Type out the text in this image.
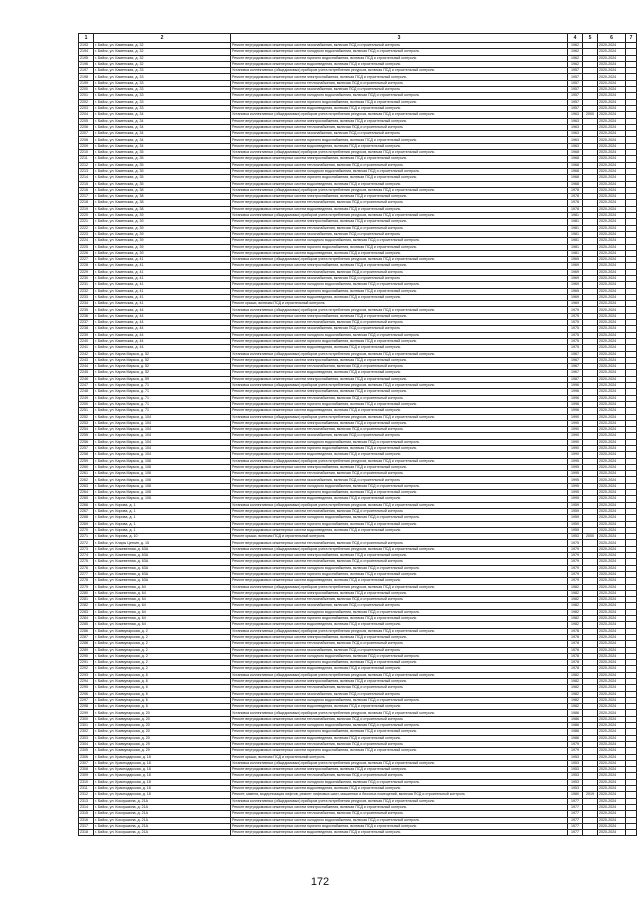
1	2	3	4	5	6	7
2193	г. Бийск, ул. Каменская, д. 32	Ремонт внутридомовых инженерных систем газоснабжения, включая ПСД и строительный контроль	1962		2020-2024	
2194	г. Бийск, ул. Каменская, д. 32	Ремонт внутридомовых инженерных систем холодного водоснабжения, включая ПСД и строительный контроль	1962		2020-2024	
2195	г. Бийск, ул. Каменская, д. 32	Ремонт внутридомовых инженерных систем горячего водоснабжения, включая ПСД и строительный контроль	1962		2020-2024	
2196	г. Бийск, ул. Каменская, д. 32	Ремонт внутридомовых инженерных систем водоотведения, включая ПСД и строительный контроль	1962		2020-2024	
2197	г. Бийск, ул. Каменская, д. 33	Установка коллективных (общедомовых) приборов учета потребления ресурсов, включая ПСД и строительный контроль	1957		2020-2024	
2198	г. Бийск, ул. Каменская, д. 33	Ремонт внутридомовых инженерных систем электроснабжения, включая ПСД и строительный контроль	1957		2020-2024	
2199	г. Бийск, ул. Каменская, д. 33	Ремонт внутридомовых инженерных систем теплоснабжения, включая ПСД и строительный контроль	1957		2020-2024	
2200	г. Бийск, ул. Каменская, д. 33	Ремонт внутридомовых инженерных систем газоснабжения, включая ПСД и строительный контроль	1957		2020-2024	
2201	г. Бийск, ул. Каменская, д. 33	Ремонт внутридомовых инженерных систем холодного водоснабжения, включая ПСД и строительный контроль	1957		2020-2024	
2202	г. Бийск, ул. Каменская, д. 33	Ремонт внутридомовых инженерных систем горячего водоснабжения, включая ПСД и строительный контроль	1957		2020-2024	
2203	г. Бийск, ул. Каменская, д. 33	Ремонт внутридомовых инженерных систем водоотведения, включая ПСД и строительный контроль	1957		2020-2024	
2204	г. Бийск, ул. Каменская, д. 34	Установка коллективных (общедомовых) приборов учета потребления ресурсов, включая ПСД и строительный контроль	1963	2000	2020-2024	
2205	г. Бийск, ул. Каменская, д. 34	Ремонт внутридомовых инженерных систем электроснабжения, включая ПСД и строительный контроль	1963		2020-2024	
2206	г. Бийск, ул. Каменская, д. 34	Ремонт внутридомовых инженерных систем теплоснабжения, включая ПСД и строительный контроль	1963		2020-2024	
2207	г. Бийск, ул. Каменская, д. 34	Ремонт внутридомовых инженерных систем газоснабжения, включая ПСД и строительный контроль	1963		2020-2024	
2208	г. Бийск, ул. Каменская, д. 34	Ремонт внутридомовых инженерных систем горячего водоснабжения, включая ПСД и строительный контроль	1963		2020-2024	
2209	г. Бийск, ул. Каменская, д. 34	Ремонт внутридомовых инженерных систем водоотведения, включая ПСД и строительный контроль	1963		2020-2024	
2210	г. Бийск, ул. Каменская, д. 35	Установка коллективных (общедомовых) приборов учета потребления ресурсов, включая ПСД и строительный контроль	1968		2020-2024	
2211	г. Бийск, ул. Каменская, д. 35	Ремонт внутридомовых инженерных систем электроснабжения, включая ПСД и строительный контроль	1968		2020-2024	
2212	г. Бийск, ул. Каменская, д. 35	Ремонт внутридомовых инженерных систем теплоснабжения, включая ПСД и строительный контроль	1968		2020-2024	
2213	г. Бийск, ул. Каменская, д. 35	Ремонт внутридомовых инженерных систем холодного водоснабжения, включая ПСД и строительный контроль	1968		2020-2024	
2214	г. Бийск, ул. Каменская, д. 35	Ремонт внутридомовых инженерных систем горячего водоснабжения, включая ПСД и строительный контроль	1968		2020-2024	
2215	г. Бийск, ул. Каменская, д. 35	Ремонт внутридомовых инженерных систем водоотведения, включая ПСД и строительный контроль	1968		2020-2024	
2216	г. Бийск, ул. Каменская, д. 38	Установка коллективных (общедомовых) приборов учета потребления ресурсов, включая ПСД и строительный контроль	1978		2020-2024	
2217	г. Бийск, ул. Каменская, д. 38	Ремонт внутридомовых инженерных систем электроснабжения, включая ПСД и строительный контроль	1978		2020-2024	
2218	г. Бийск, ул. Каменская, д. 38	Ремонт внутридомовых инженерных систем теплоснабжения, включая ПСД и строительный контроль	1978		2020-2024	
2219	г. Бийск, ул. Каменская, д. 38	Ремонт внутридомовых инженерных систем водоотведения, включая ПСД и строительный контроль	1978		2020-2024	
2220	г. Бийск, ул. Каменская, д. 39	Установка коллективных (общедомовых) приборов учета потребления ресурсов, включая ПСД и строительный контроль	1981		2020-2024	
2221	г. Бийск, ул. Каменская, д. 39	Ремонт внутридомовых инженерных систем электроснабжения, включая ПСД и строительный контроль	1981		2020-2024	
2222	г. Бийск, ул. Каменская, д. 39	Ремонт внутридомовых инженерных систем теплоснабжения, включая ПСД и строительный контроль	1981		2020-2024	
2223	г. Бийск, ул. Каменская, д. 39	Ремонт внутридомовых инженерных систем газоснабжения, включая ПСД и строительный контроль	1981		2020-2024	
2224	г. Бийск, ул. Каменская, д. 39	Ремонт внутридомовых инженерных систем холодного водоснабжения, включая ПСД и строительный контроль	1981		2020-2024	
2225	г. Бийск, ул. Каменская, д. 39	Ремонт внутридомовых инженерных систем горячего водоснабжения, включая ПСД и строительный контроль	1981		2020-2024	
2226	г. Бийск, ул. Каменская, д. 39	Ремонт внутридомовых инженерных систем водоотведения, включая ПСД и строительный контроль	1981		2020-2024	
2227	г. Бийск, ул. Каменская, д. 41	Установка коллективных (общедомовых) приборов учета потребления ресурсов, включая ПСД и строительный контроль	1969		2020-2024	
2228	г. Бийск, ул. Каменская, д. 41	Ремонт внутридомовых инженерных систем электроснабжения, включая ПСД и строительный контроль	1969		2020-2024	
2229	г. Бийск, ул. Каменская, д. 41	Ремонт внутридомовых инженерных систем теплоснабжения, включая ПСД и строительный контроль	1969		2020-2024	
2230	г. Бийск, ул. Каменская, д. 41	Ремонт внутридомовых инженерных систем газоснабжения, включая ПСД и строительный контроль	1969		2020-2024	
2231	г. Бийск, ул. Каменская, д. 41	Ремонт внутридомовых инженерных систем холодного водоснабжения, включая ПСД и строительный контроль	1969		2020-2024	
2232	г. Бийск, ул. Каменская, д. 41	Ремонт внутридомовых инженерных систем горячего водоснабжения, включая ПСД и строительный контроль	1969		2020-2024	
2233	г. Бийск, ул. Каменская, д. 41	Ремонт внутридомовых инженерных систем водоотведения, включая ПСД и строительный контроль	1969		2020-2024	
2234	г. Бийск, ул. Каменская, д. 41	Ремонт крыши, включая ПСД и строительный контроль	1969		2020-2024	
2235	г. Бийск, ул. Каменская, д. 44	Установка коллективных (общедомовых) приборов учета потребления ресурсов, включая ПСД и строительный контроль	1975		2020-2024	
2236	г. Бийск, ул. Каменская, д. 44	Ремонт внутридомовых инженерных систем электроснабжения, включая ПСД и строительный контроль	1975		2020-2024	
2237	г. Бийск, ул. Каменская, д. 44	Ремонт внутридомовых инженерных систем теплоснабжения, включая ПСД и строительный контроль	1975		2020-2024	
2238	г. Бийск, ул. Каменская, д. 44	Ремонт внутридомовых инженерных систем газоснабжения, включая ПСД и строительный контроль	1975		2020-2024	
2239	г. Бийск, ул. Каменская, д. 44	Ремонт внутридомовых инженерных систем холодного водоснабжения, включая ПСД и строительный контроль	1975		2020-2024	
2240	г. Бийск, ул. Каменская, д. 44	Ремонт внутридомовых инженерных систем горячего водоснабжения, включая ПСД и строительный контроль	1975		2020-2024	
2241	г. Бийск, ул. Каменская, д. 44	Ремонт внутридомовых инженерных систем водоотведения, включая ПСД и строительный контроль	1975		2020-2024	
2242	г. Бийск, ул. Карла Маркса, д. 52	Установка коллективных (общедомовых) приборов учета потребления ресурсов, включая ПСД и строительный контроль	1967		2020-2024	
2243	г. Бийск, ул. Карла Маркса, д. 52	Ремонт внутридомовых инженерных систем электроснабжения, включая ПСД и строительный контроль	1967		2020-2024	
2244	г. Бийск, ул. Карла Маркса, д. 52	Ремонт внутридомовых инженерных систем теплоснабжения, включая ПСД и строительный контроль	1967		2020-2024	
2245	г. Бийск, ул. Карла Маркса, д. 52	Ремонт внутридомовых инженерных систем водоотведения, включая ПСД и строительный контроль	1967		2020-2024	
2246	г. Бийск, ул. Карла Маркса, д. 59	Ремонт внутридомовых инженерных систем электроснабжения, включая ПСД и строительный контроль	1987		2020-2024	
2247	г. Бийск, ул. Карла Маркса, д. 71	Установка коллективных (общедомовых) приборов учета потребления ресурсов, включая ПСД и строительный контроль	1996		2020-2024	
2248	г. Бийск, ул. Карла Маркса, д. 71	Ремонт внутридомовых инженерных систем электроснабжения, включая ПСД и строительный контроль	1996		2020-2024	
2249	г. Бийск, ул. Карла Маркса, д. 71	Ремонт внутридомовых инженерных систем теплоснабжения, включая ПСД и строительный контроль	1996		2020-2024	
2250	г. Бийск, ул. Карла Маркса, д. 71	Ремонт внутридомовых инженерных систем горячего водоснабжения, включая ПСД и строительный контроль	1996		2020-2024	
2251	г. Бийск, ул. Карла Маркса, д. 71	Ремонт внутридомовых инженерных систем водоотведения, включая ПСД и строительный контроль	1996		2020-2024	
2252	г. Бийск, ул. Карла Маркса, д. 104	Установка коллективных (общедомовых) приборов учета потребления ресурсов, включая ПСД и строительный контроль	1990		2020-2024	
2253	г. Бийск, ул. Карла Маркса, д. 104	Ремонт внутридомовых инженерных систем электроснабжения, включая ПСД и строительный контроль	1990		2020-2024	
2254	г. Бийск, ул. Карла Маркса, д. 104	Ремонт внутридомовых инженерных систем теплоснабжения, включая ПСД и строительный контроль	1990		2020-2024	
2255	г. Бийск, ул. Карла Маркса, д. 104	Ремонт внутридомовых инженерных систем газоснабжения, включая ПСД и строительный контроль	1990		2020-2024	
2256	г. Бийск, ул. Карла Маркса, д. 104	Ремонт внутридомовых инженерных систем холодного водоснабжения, включая ПСД и строительный контроль	1990		2020-2024	
2257	г. Бийск, ул. Карла Маркса, д. 104	Ремонт внутридомовых инженерных систем горячего водоснабжения, включая ПСД и строительный контроль	1990		2020-2024	
2258	г. Бийск, ул. Карла Маркса, д. 104	Ремонт внутридомовых инженерных систем водоотведения, включая ПСД и строительный контроль	1990		2020-2024	
2259	г. Бийск, ул. Карла Маркса, д. 106	Установка коллективных (общедомовых) приборов учета потребления ресурсов, включая ПСД и строительный контроль	1995		2020-2024	
2260	г. Бийск, ул. Карла Маркса, д. 106	Ремонт внутридомовых инженерных систем электроснабжения, включая ПСД и строительный контроль	1995		2020-2024	
2261	г. Бийск, ул. Карла Маркса, д. 106	Ремонт внутридомовых инженерных систем теплоснабжения, включая ПСД и строительный контроль	1995		2020-2024	
2262	г. Бийск, ул. Карла Маркса, д. 106	Ремонт внутридомовых инженерных систем газоснабжения, включая ПСД и строительный контроль	1995		2020-2024	
2263	г. Бийск, ул. Карла Маркса, д. 106	Ремонт внутридомовых инженерных систем холодного водоснабжения, включая ПСД и строительный контроль	1995		2020-2024	
2264	г. Бийск, ул. Карла Маркса, д. 106	Ремонт внутридомовых инженерных систем горячего водоснабжения, включая ПСД и строительный контроль	1995		2020-2024	
2265	г. Бийск, ул. Карла Маркса, д. 106	Ремонт внутридомовых инженерных систем водоотведения, включая ПСД и строительный контроль	1995		2020-2024	
2266	г. Бийск, ул. Кирова, д. 1	Установка коллективных (общедомовых) приборов учета потребления ресурсов, включая ПСД и строительный контроль	1959		2020-2024	
2267	г. Бийск, ул. Кирова, д. 1	Ремонт внутридомовых инженерных систем теплоснабжения, включая ПСД и строительный контроль	1959		2020-2024	
2268	г. Бийск, ул. Кирова, д. 1	Ремонт внутридомовых инженерных систем холодного водоснабжения, включая ПСД и строительный контроль	1959		2020-2024	
2269	г. Бийск, ул. Кирова, д. 1	Ремонт внутридомовых инженерных систем горячего водоснабжения, включая ПСД и строительный контроль	1959		2020-2024	
2270	г. Бийск, ул. Кирова, д. 1	Ремонт внутридомовых инженерных систем водоотведения, включая ПСД и строительный контроль	1959		2020-2024	
2271	г. Бийск, ул. Кирова, д. 10	Ремонт крыши, включая ПСД и строительный контроль	1953	2000	2020-2024	
2272	г. Бийск, ул. Клары Цеткин, д. 15	Ремонт внутридомовых инженерных систем теплоснабжения, включая ПСД и строительный контроль	1975		2020-2024	
2273	г. Бийск, ул. Кожевенная, д. 63А	Установка коллективных (общедомовых) приборов учета потребления ресурсов, включая ПСД и строительный контроль	1979		2020-2024	
2274	г. Бийск, ул. Кожевенная, д. 63А	Ремонт внутридомовых инженерных систем электроснабжения, включая ПСД и строительный контроль	1979		2020-2024	
2275	г. Бийск, ул. Кожевенная, д. 63А	Ремонт внутридомовых инженерных систем теплоснабжения, включая ПСД и строительный контроль	1979		2020-2024	
2276	г. Бийск, ул. Кожевенная, д. 63А	Ремонт внутридомовых инженерных систем холодного водоснабжения, включая ПСД и строительный контроль	1979		2020-2024	
2277	г. Бийск, ул. Кожевенная, д. 63А	Ремонт внутридомовых инженерных систем горячего водоснабжения, включая ПСД и строительный контроль	1979		2020-2024	
2278	г. Бийск, ул. Кожевенная, д. 63А	Ремонт внутридомовых инженерных систем водоотведения, включая ПСД и строительный контроль	1979		2020-2024	
2279	г. Бийск, ул. Кожевенная, д. 64	Установка коллективных (общедомовых) приборов учета потребления ресурсов, включая ПСД и строительный контроль	1982		2020-2024	
2280	г. Бийск, ул. Кожевенная, д. 64	Ремонт внутридомовых инженерных систем электроснабжения, включая ПСД и строительный контроль	1982		2020-2024	
2281	г. Бийск, ул. Кожевенная, д. 64	Ремонт внутридомовых инженерных систем теплоснабжения, включая ПСД и строительный контроль	1982		2020-2024	
2282	г. Бийск, ул. Кожевенная, д. 64	Ремонт внутридомовых инженерных систем газоснабжения, включая ПСД и строительный контроль	1982		2020-2024	
2283	г. Бийск, ул. Кожевенная, д. 64	Ремонт внутридомовых инженерных систем холодного водоснабжения, включая ПСД и строительный контроль	1982		2020-2024	
2284	г. Бийск, ул. Кожевенная, д. 64	Ремонт внутридомовых инженерных систем горячего водоснабжения, включая ПСД и строительный контроль	1982		2020-2024	
2285	г. Бийск, ул. Кожевенная, д. 64	Ремонт внутридомовых инженерных систем водоотведения, включая ПСД и строительный контроль	1982		2020-2024	
2286	г. Бийск, ул. Коммунарская, д. 2	Установка коллективных (общедомовых) приборов учета потребления ресурсов, включая ПСД и строительный контроль	1978		2020-2024	
2287	г. Бийск, ул. Коммунарская, д. 2	Ремонт внутридомовых инженерных систем электроснабжения, включая ПСД и строительный контроль	1978		2020-2024	
2288	г. Бийск, ул. Коммунарская, д. 2	Ремонт внутридомовых инженерных систем теплоснабжения, включая ПСД и строительный контроль	1978		2020-2024	
2289	г. Бийск, ул. Коммунарская, д. 2	Ремонт внутридомовых инженерных систем газоснабжения, включая ПСД и строительный контроль	1978		2020-2024	
2290	г. Бийск, ул. Коммунарская, д. 2	Ремонт внутридомовых инженерных систем холодного водоснабжения, включая ПСД и строительный контроль	1978		2020-2024	
2291	г. Бийск, ул. Коммунарская, д. 2	Ремонт внутридомовых инженерных систем горячего водоснабжения, включая ПСД и строительный контроль	1978		2020-2024	
2292	г. Бийск, ул. Коммунарская, д. 2	Ремонт внутридомовых инженерных систем водоотведения, включая ПСД и строительный контроль	1978		2020-2024	
2293	г. Бийск, ул. Коммунарская, д. 6	Установка коллективных (общедомовых) приборов учета потребления ресурсов, включая ПСД и строительный контроль	1982		2020-2024	
2294	г. Бийск, ул. Коммунарская, д. 6	Ремонт внутридомовых инженерных систем электроснабжения, включая ПСД и строительный контроль	1982		2020-2024	
2295	г. Бийск, ул. Коммунарская, д. 6	Ремонт внутридомовых инженерных систем теплоснабжения, включая ПСД и строительный контроль	1982		2020-2024	
2296	г. Бийск, ул. Коммунарская, д. 6	Ремонт внутридомовых инженерных систем газоснабжения, включая ПСД и строительный контроль	1982		2020-2024	
2297	г. Бийск, ул. Коммунарская, д. 6	Ремонт внутридомовых инженерных систем холодного водоснабжения, включая ПСД и строительный контроль	1982		2020-2024	
2298	г. Бийск, ул. Коммунарская, д. 6	Ремонт внутридомовых инженерных систем водоотведения, включая ПСД и строительный контроль	1982		2020-2024	
2299	г. Бийск, ул. Коммунарская, д. 20	Установка коллективных (общедомовых) приборов учета потребления ресурсов, включая ПСД и строительный контроль	1986		2020-2024	
2300	г. Бийск, ул. Коммунарская, д. 20	Ремонт внутридомовых инженерных систем теплоснабжения, включая ПСД и строительный контроль	1986		2020-2024	
2301	г. Бийск, ул. Коммунарская, д. 20	Ремонт внутридомовых инженерных систем холодного водоснабжения, включая ПСД и строительный контроль	1986		2020-2024	
2302	г. Бийск, ул. Коммунарская, д. 20	Ремонт внутридомовых инженерных систем горячего водоснабжения, включая ПСД и строительный контроль	1986		2020-2024	
2303	г. Бийск, ул. Коммунарская, д. 20	Ремонт внутридомовых инженерных систем водоотведения, включая ПСД и строительный контроль	1986		2020-2024	
2304	г. Бийск, ул. Коммунарская, д. 29	Ремонт внутридомовых инженерных систем теплоснабжения, включая ПСД и строительный контроль	1979		2020-2024	
2305	г. Бийск, ул. Коммунарская, д. 29	Ремонт внутридомовых инженерных систем горячего водоснабжения, включая ПСД и строительный контроль	1979		2020-2024	
2306	г. Бийск, ул. Краснодарская, д. 18	Ремонт крыши, включая ПСД и строительный контроль	1953		2020-2024	
2307	г. Бийск, ул. Краснодарская, д. 18	Установка коллективных (общедомовых) приборов учета потребления ресурсов, включая ПСД и строительный контроль	1953		2020-2024	
2308	г. Бийск, ул. Краснодарская, д. 18	Ремонт внутридомовых инженерных систем электроснабжения, включая ПСД и строительный контроль	1953		2020-2024	
2309	г. Бийск, ул. Краснодарская, д. 18	Ремонт внутридомовых инженерных систем теплоснабжения, включая ПСД и строительный контроль	1953		2020-2024	
2310	г. Бийск, ул. Краснодарская, д. 18	Ремонт внутридомовых инженерных систем холодного водоснабжения, включая ПСД и строительный контроль	1953		2020-2024	
2311	г. Бийск, ул. Краснодарская, д. 18	Ремонт внутридомовых инженерных систем водоотведения, включая ПСД и строительный контроль	1953		2020-2024	
2312	г. Бийск, ул. Краснодарская, д. 18	Ремонт, замена, модернизация лифтов, ремонт лифтовых шахт, машинных и блочных помещений, включая ПСД и строительный контроль	1980	2019	2020-2024	
2313	г. Бийск, ул. Косоушкина, д. 21А	Установка коллективных (общедомовых) приборов учета потребления ресурсов, включая ПСД и строительный контроль	1977		2020-2024	
2314	г. Бийск, ул. Косоушкина, д. 21А	Ремонт внутридомовых инженерных систем электроснабжения, включая ПСД и строительный контроль	1977		2020-2024	
2315	г. Бийск, ул. Косоушкина, д. 21А	Ремонт внутридомовых инженерных систем теплоснабжения, включая ПСД и строительный контроль	1977		2020-2024	
2316	г. Бийск, ул. Косоушкина, д. 21А	Ремонт внутридомовых инженерных систем холодного водоснабжения, включая ПСД и строительный контроль	1977		2020-2024	
2317	г. Бийск, ул. Косоушкина, д. 21А	Ремонт внутридомовых инженерных систем горячего водоснабжения, включая ПСД и строительный контроль	1977		2020-2024	
2318	г. Бийск, ул. Косоушкина, д. 21А	Ремонт внутридомовых инженерных систем водоотведения, включая ПСД и строительный контроль	1977		2020-2024	
172
